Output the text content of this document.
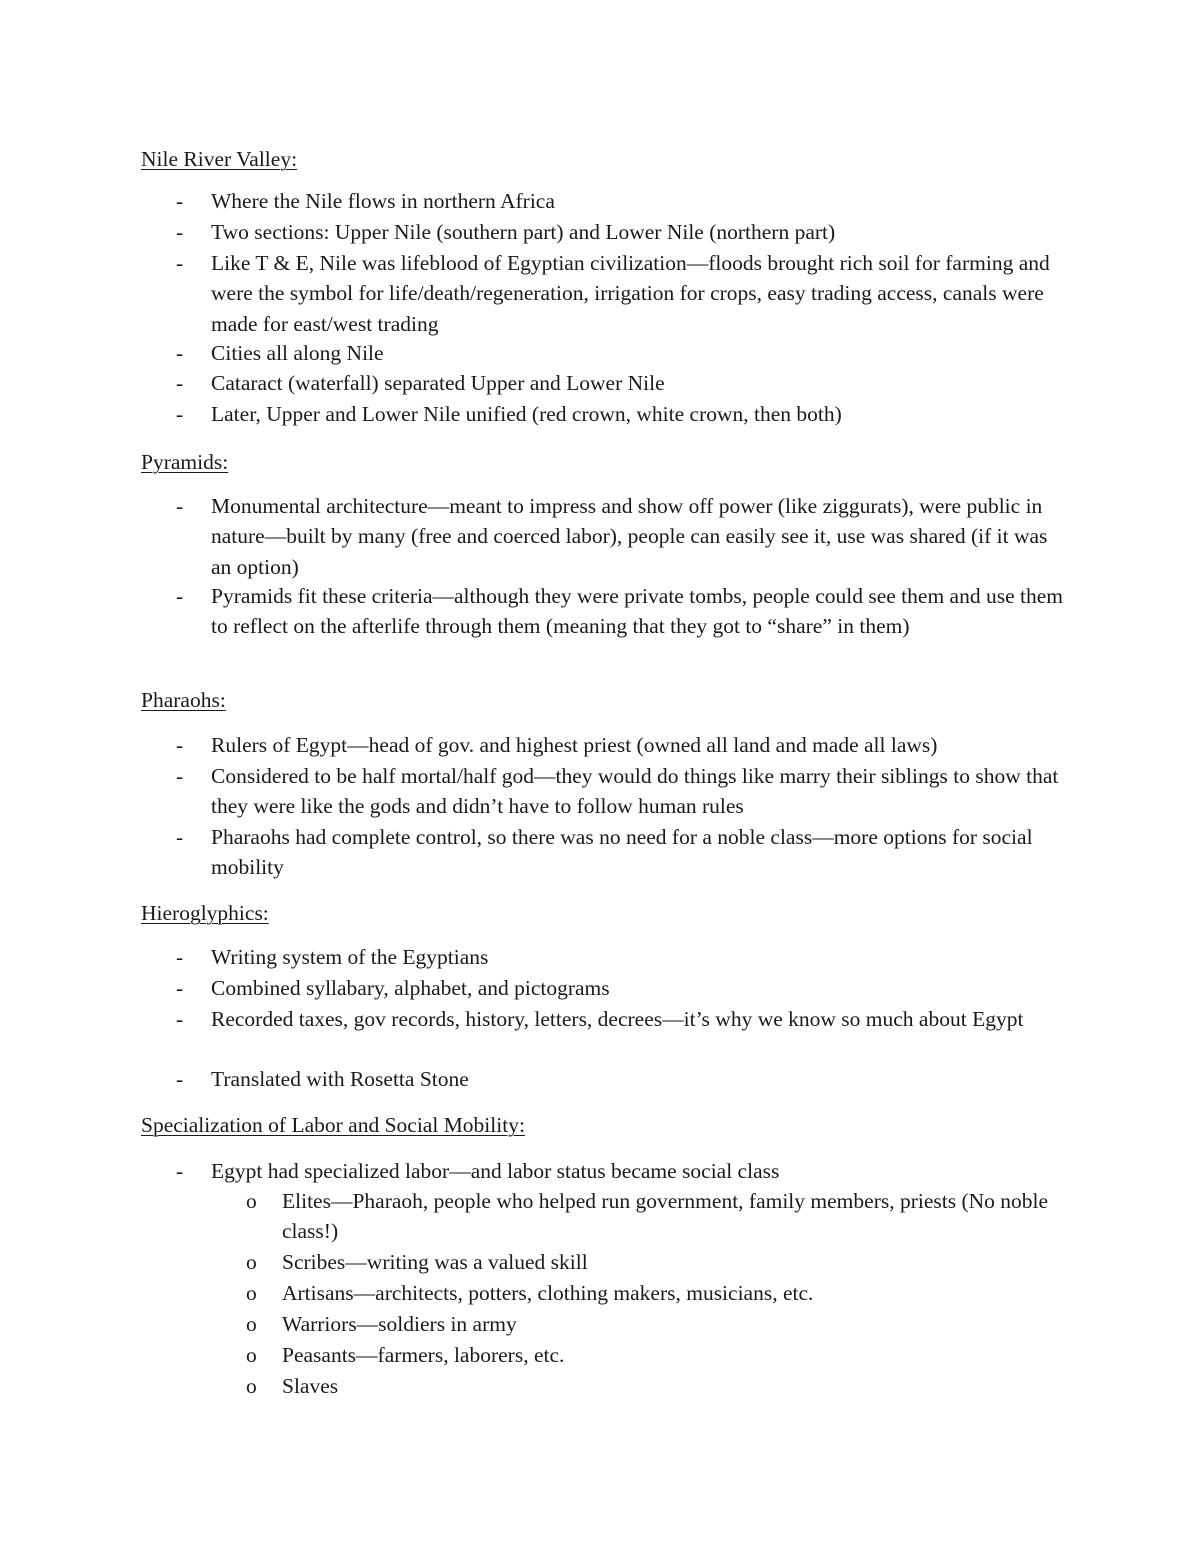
Nile River Valley:
-	Where the Nile flows in northern Africa
-	Two sections: Upper Nile (southern part) and Lower Nile (northern part)
-	Like T & E, Nile was lifeblood of Egyptian civilization—floods brought rich soil for farming and were the symbol for life/death/regeneration, irrigation for crops, easy trading access, canals were made for east/west trading
-	Cities all along Nile
-	Cataract (waterfall) separated Upper and Lower Nile
-	Later, Upper and Lower Nile unified (red crown, white crown, then both)
Pyramids:
-	Monumental architecture—meant to impress and show off power (like ziggurats), were public in nature—built by many (free and coerced labor), people can easily see it, use was shared (if it was an option)
-	Pyramids fit these criteria—although they were private tombs, people could see them and use them to reflect on the afterlife through them (meaning that they got to “share” in them)
Pharaohs:
-	Rulers of Egypt—head of gov. and highest priest (owned all land and made all laws)
-	Considered to be half mortal/half god—they would do things like marry their siblings to show that they were like the gods and didn’t have to follow human rules
-	Pharaohs had complete control, so there was no need for a noble class—more options for social mobility
Hieroglyphics:
-	Writing system of the Egyptians
-	Combined syllabary, alphabet, and pictograms
-	Recorded taxes, gov records, history, letters, decrees—it’s why we know so much about Egypt
-	Translated with Rosetta Stone
Specialization of Labor and Social Mobility:
-	Egypt had specialized labor—and labor status became social class
o	Elites—Pharaoh, people who helped run government, family members, priests (No noble class!)
o	Scribes—writing was a valued skill
o	Artisans—architects, potters, clothing makers, musicians, etc.
o	Warriors—soldiers in army
o	Peasants—farmers, laborers, etc.
o	Slaves
